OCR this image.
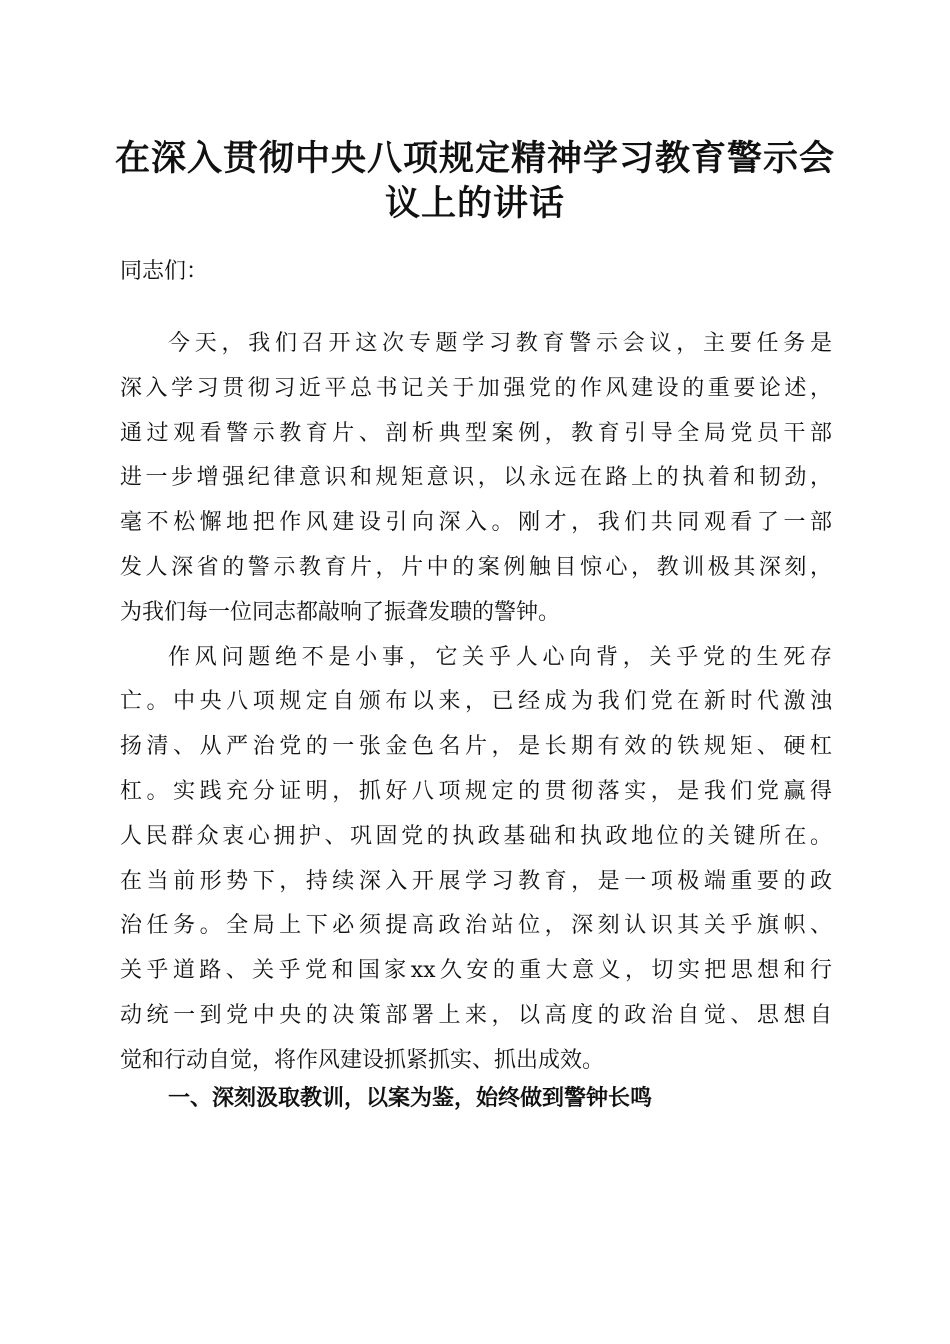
在深入贯彻中央八项规定精神学习教育警示会
议上的讲话
同志们：
今天，我们召开这次专题学习教育警示会议，主要任务是
深入学习贯彻习近平总书记关于加强党的作风建设的重要论述，
通过观看警示教育片、剖析典型案例，教育引导全局党员干部
进一步增强纪律意识和规矩意识，以永远在路上的执着和韧劲，
毫不松懈地把作风建设引向深入。刚才，我们共同观看了一部
发人深省的警示教育片，片中的案例触目惊心，教训极其深刻，
为我们每一位同志都敲响了振聋发聩的警钟。
作风问题绝不是小事，它关乎人心向背，关乎党的生死存
亡。中央八项规定自颁布以来，已经成为我们党在新时代激浊
扬清、从严治党的一张金色名片，是长期有效的铁规矩、硬杠
杠。实践充分证明，抓好八项规定的贯彻落实，是我们党赢得
人民群众衷心拥护、巩固党的执政基础和执政地位的关键所在。
在当前形势下，持续深入开展学习教育，是一项极端重要的政
治任务。全局上下必须提高政治站位，深刻认识其关乎旗帜、
关乎道路、关乎党和国家xx久安的重大意义，切实把思想和行
动统一到党中央的决策部署上来，以高度的政治自觉、思想自
觉和行动自觉，将作风建设抓紧抓实、抓出成效。
一、深刻汲取教训，以案为鉴，始终做到警钟长鸣
